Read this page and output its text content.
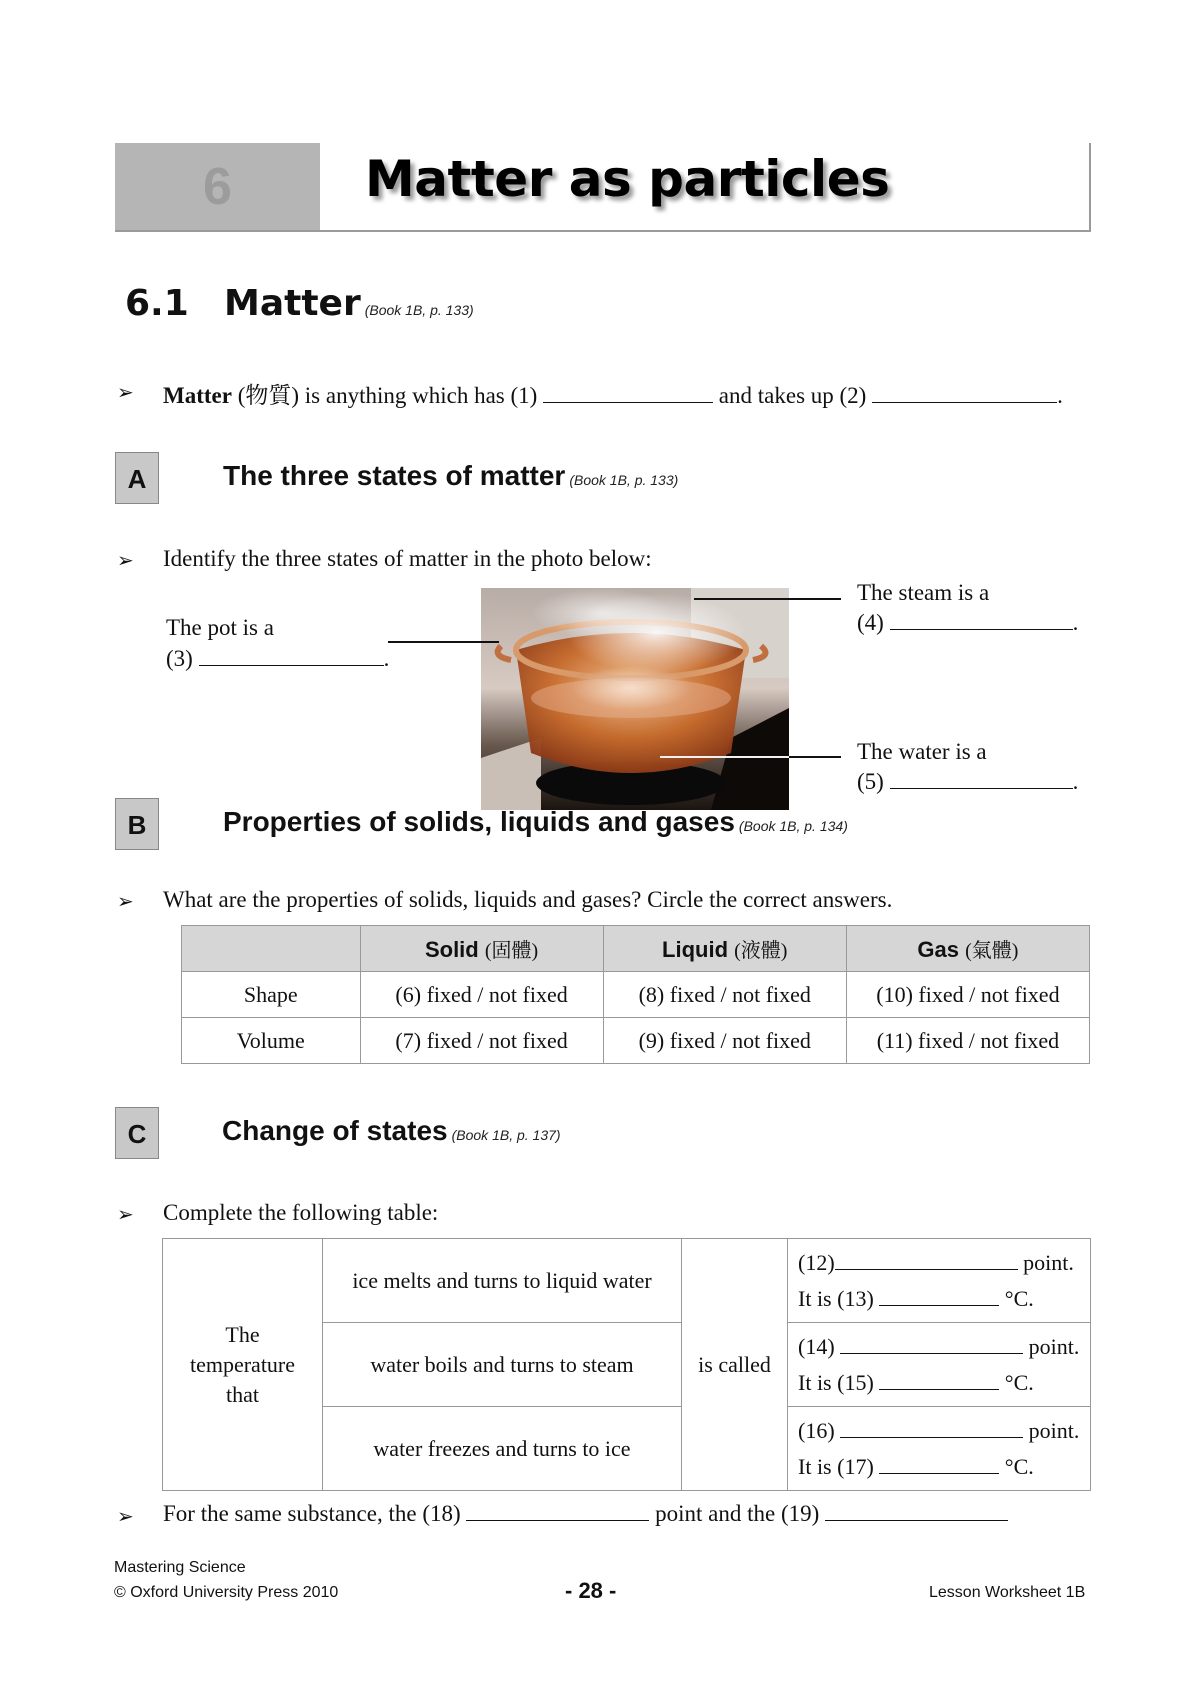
6	Matter as particles
6.1 Matter (Book 1B, p. 133)
➢ Matter (物質) is anything which has (1)	and takes up (2)	.
A	The three states of matter (Book 1B, p. 133)
➢ Identify the three states of matter in the photo below:
The pot is a
(3)	.
The steam is a
(4)	.
The water is a
(5)	.
B	Properties of solids, liquids and gases (Book 1B, p. 134)
➢ What are the properties of solids, liquids and gases? Circle the correct answers.
	Solid (固體)	Liquid (液體)	Gas (氣體)
Shape	(6) fixed / not fixed	(8) fixed / not fixed	(10) fixed / not fixed
Volume	(7) fixed / not fixed	(9) fixed / not fixed	(11) fixed / not fixed
C	Change of states (Book 1B, p. 137)
➢ Complete the following table:
The temperature that	ice melts and turns to liquid water	is called	(12) point.
It is (13) °C.

	water boils and turns to steam		(14) point.
It is (15) °C.

	water freezes and turns to ice		(16) point.
It is (17) °C.
➢ For the same substance, the (18)	point and the (19)
Mastering Science
© Oxford University Press 2010	- 28 -	Lesson Worksheet 1B
